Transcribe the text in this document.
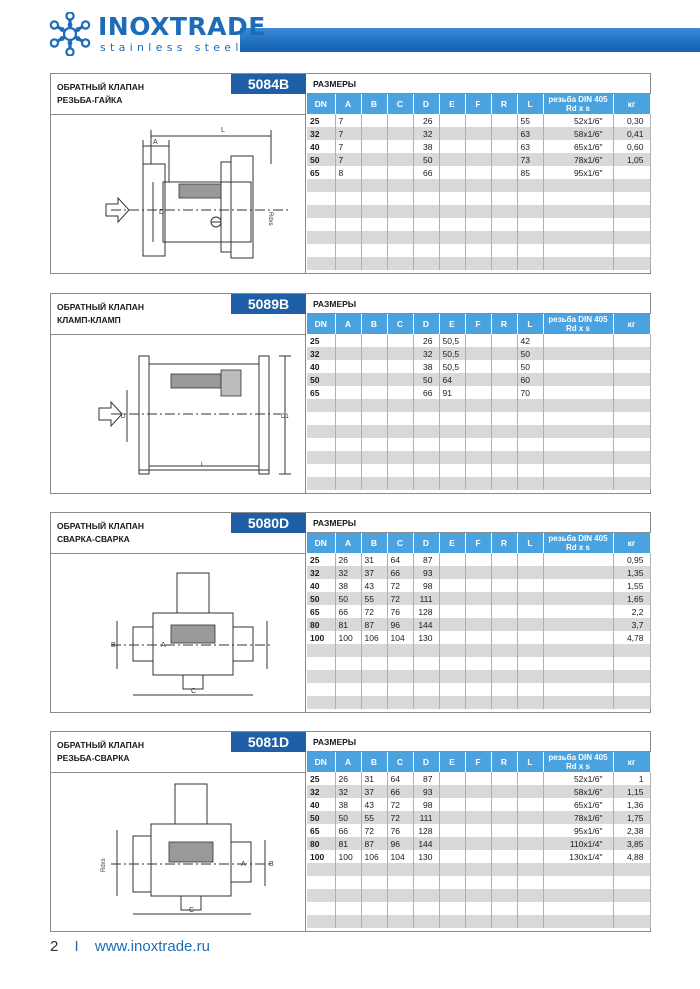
INOXTRADE
stainless steel
ОБРАТНЫЙ КЛАПАН
РЕЗЬБА-ГАЙКА
5084B
L
A
D	Rdxs
РАЗМЕРЫ
DN	A	B	C	D	E	F	R	L	резьба DIN 405
Rd x s	кг
25	7			26				55	52x1/6"	0,30
32	7			32				63	58x1/6"	0,41
40	7			38				63	65x1/6"	0,60
50	7			50				73	78x1/6"	1,05
65	8			66				85	95x1/6"	

ОБРАТНЫЙ КЛАПАН
КЛАМП-КЛАМП
5089B
D	D1
L
РАЗМЕРЫ
DN	A	B	C	D	E	F	R	L	резьба DIN 405
Rd x s	кг
25				26	50,5			42		
32				32	50,5			50		
40				38	50,5			50		
50				50	64			60		
65				66	91			70		

ОБРАТНЫЙ КЛАПАН
СВАРКА-СВАРКА
5080D
B	A
C
РАЗМЕРЫ
DN	A	B	C	D	E	F	R	L	резьба DIN 405
Rd x s	кг
25	26	31	64	87						0,95
32	32	37	66	93						1,35
40	38	43	72	98						1,55
50	50	55	72	111						1,65
65	66	72	76	128						2,2
80	81	87	96	144						3,7
100	100	106	104	130						4,78

ОБРАТНЫЙ КЛАПАН
РЕЗЬБА-СВАРКА
5081D
Rdxs	A	B
C
РАЗМЕРЫ
DN	A	B	C	D	E	F	R	L	резьба DIN 405
Rd x s	кг
25	26	31	64	87					52x1/6"	1
32	32	37	66	93					58x1/6"	1,15
40	38	43	72	98					65x1/6"	1,36
50	50	55	72	111					78x1/6"	1,75
65	66	72	76	128					95x1/6"	2,38
80	81	87	96	144					110x1/4"	3,85
100	100	106	104	130					130x1/4"	4,88

2 I www.inoxtrade.ru
